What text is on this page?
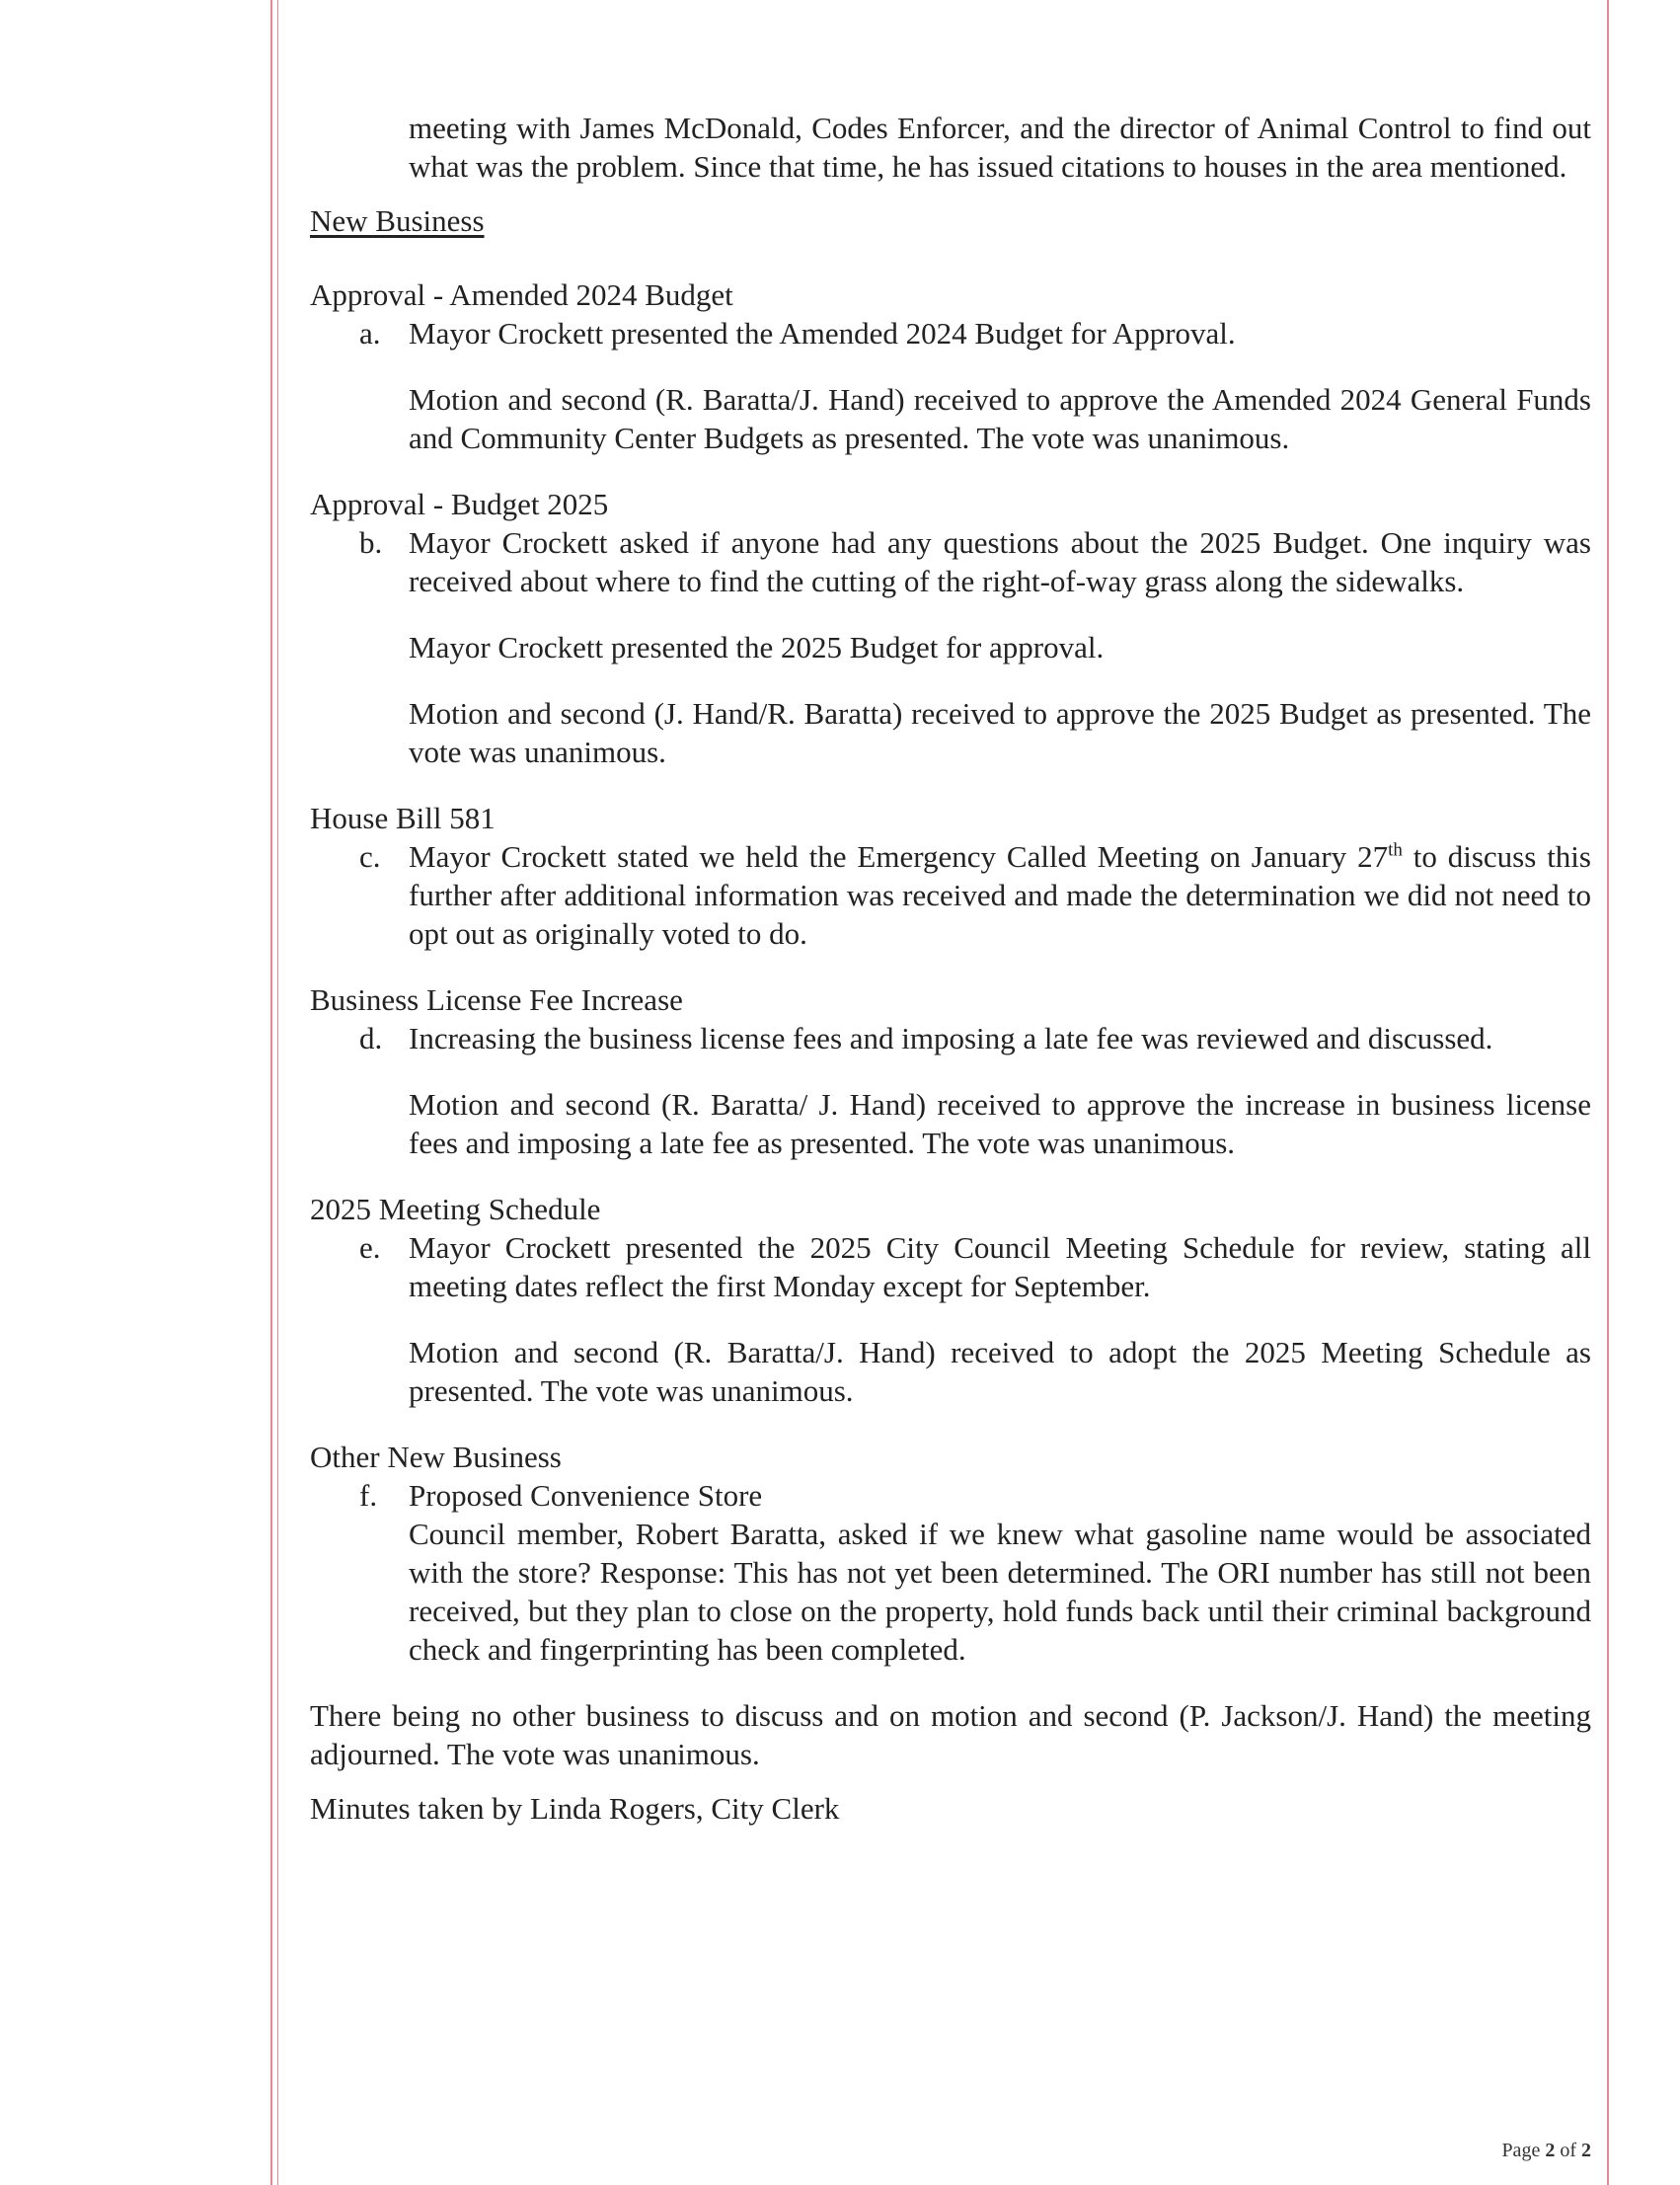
meeting with James McDonald, Codes Enforcer, and the director of Animal Control to find out what was the problem. Since that time, he has issued citations to houses in the area mentioned.

New Business

Approval - Amended 2024 Budget

a. Mayor Crockett presented the Amended 2024 Budget for Approval.

Motion and second (R. Baratta/J. Hand) received to approve the Amended 2024 General Funds and Community Center Budgets as presented. The vote was unanimous.

Approval - Budget 2025

b. Mayor Crockett asked if anyone had any questions about the 2025 Budget. One inquiry was received about where to find the cutting of the right-of-way grass along the sidewalks.

Mayor Crockett presented the 2025 Budget for approval.

Motion and second (J. Hand/R. Baratta) received to approve the 2025 Budget as presented. The vote was unanimous.

House Bill 581

c. Mayor Crockett stated we held the Emergency Called Meeting on January 27th to discuss this further after additional information was received and made the determination we did not need to opt out as originally voted to do.

Business License Fee Increase

d. Increasing the business license fees and imposing a late fee was reviewed and discussed.

Motion and second (R. Baratta/ J. Hand) received to approve the increase in business license fees and imposing a late fee as presented. The vote was unanimous.

2025 Meeting Schedule

e. Mayor Crockett presented the 2025 City Council Meeting Schedule for review, stating all meeting dates reflect the first Monday except for September.

Motion and second (R. Baratta/J. Hand) received to adopt the 2025 Meeting Schedule as presented. The vote was unanimous.

Other New Business

f.	Proposed Convenience Store

Council member, Robert Baratta, asked if we knew what gasoline name would be associated with the store? Response: This has not yet been determined. The ORI number has still not been received, but they plan to close on the property, hold funds back until their criminal background check and fingerprinting has been completed.

There being no other business to discuss and on motion and second (P. Jackson/J. Hand) the meeting adjourned. The vote was unanimous.

Minutes taken by Linda Rogers, City Clerk

Page 2 of 2
